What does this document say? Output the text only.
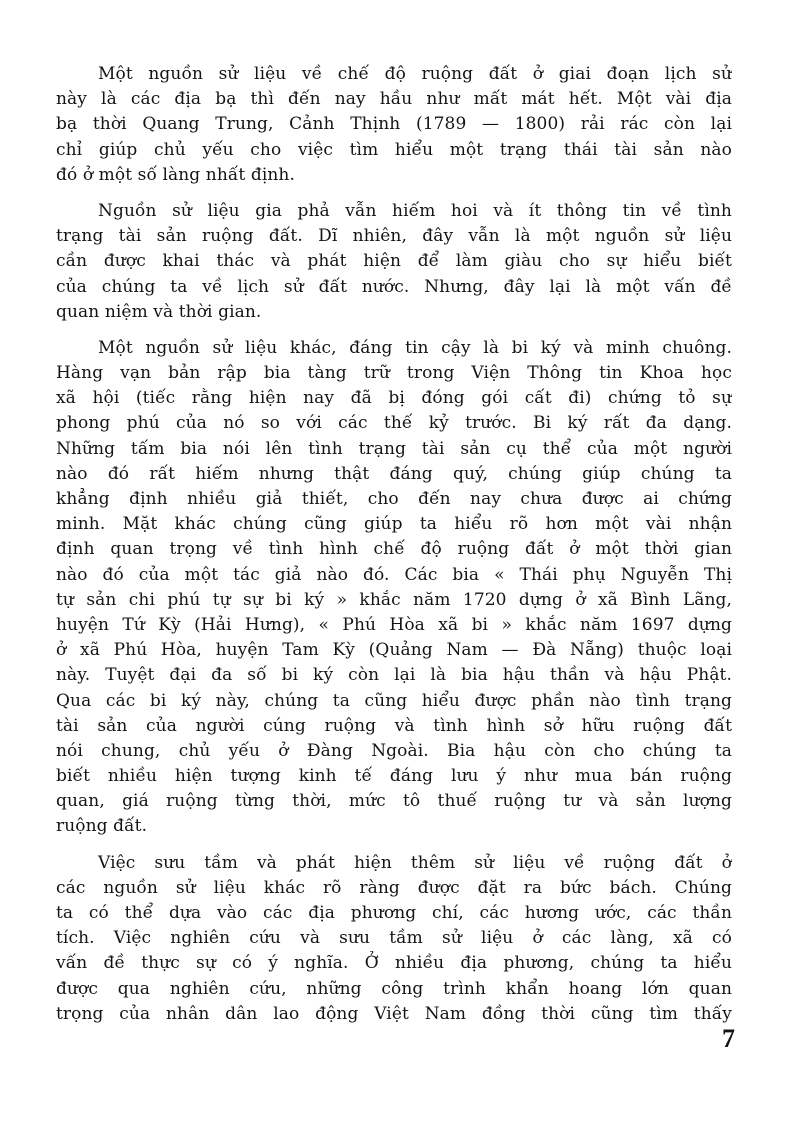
Một nguồn sử liệu về chế độ ruộng đất ở giai đoạn lịch sử
này là các địa bạ thì đến nay hầu như mất mát hết. Một vài địa
bạ thời Quang Trung, Cảnh Thịnh (1789 — 1800) rải rác còn lại
chỉ giúp chủ yếu cho việc tìm hiểu một trạng thái tài sản nào
đó ở một số làng nhất định.
Nguồn sử liệu gia phả vẫn hiếm hoi và ít thông tin về tình
trạng tài sản ruộng đất. Dĩ nhiên, đây vẫn là một nguồn sử liệu
cần được khai thác và phát hiện để làm giàu cho sự hiểu biết
của chúng ta về lịch sử đất nước. Nhưng, đây lại là một vấn đề
quan niệm và thời gian.
Một nguồn sử liệu khác, đáng tin cậy là bi ký và minh chuông.
Hàng vạn bản rập bia tàng trữ trong Viện Thông tin Khoa học
xã hội (tiếc rằng hiện nay đã bị đóng gói cất đi) chứng tỏ sự
phong phú của nó so với các thế kỷ trước. Bi ký rất đa dạng.
Những tấm bia nói lên tình trạng tài sản cụ thể của một người
nào đó rất hiếm nhưng thật đáng quý, chúng giúp chúng ta
khẳng định nhiều giả thiết, cho đến nay chưa được ai chứng
minh. Mặt khác chúng cũng giúp ta hiểu rõ hơn một vài nhận
định quan trọng về tình hình chế độ ruộng đất ở một thời gian
nào đó của một tác giả nào đó. Các bia « Thái phụ Nguyễn Thị
tự sản chi phú tự sự bi ký » khắc năm 1720 dựng ở xã Bình Lãng,
huyện Tứ Kỳ (Hải Hưng), « Phú Hòa xã bi » khắc năm 1697 dựng
ở xã Phú Hòa, huyện Tam Kỳ (Quảng Nam — Đà Nẵng) thuộc loại
này. Tuyệt đại đa số bi ký còn lại là bia hậu thần và hậu Phật.
Qua các bi ký này, chúng ta cũng hiểu được phần nào tình trạng
tài sản của người cúng ruộng và tình hình sở hữu ruộng đất
nói chung, chủ yếu ở Đàng Ngoài. Bia hậu còn cho chúng ta
biết nhiều hiện tượng kinh tế đáng lưu ý như mua bán ruộng
quan, giá ruộng từng thời, mức tô thuế ruộng tư và sản lượng
ruộng đất.
Việc sưu tầm và phát hiện thêm sử liệu về ruộng đất ở
các nguồn sử liệu khác rõ ràng được đặt ra bức bách. Chúng
ta có thể dựa vào các địa phương chí, các hương ước, các thần
tích. Việc nghiên cứu và sưu tầm sử liệu ở các làng, xã có
vấn đề thực sự có ý nghĩa. Ở nhiều địa phương, chúng ta hiểu
được qua nghiên cứu, những công trình khẩn hoang lớn quan
trọng của nhân dân lao động Việt Nam đồng thời cũng tìm thấy
7
